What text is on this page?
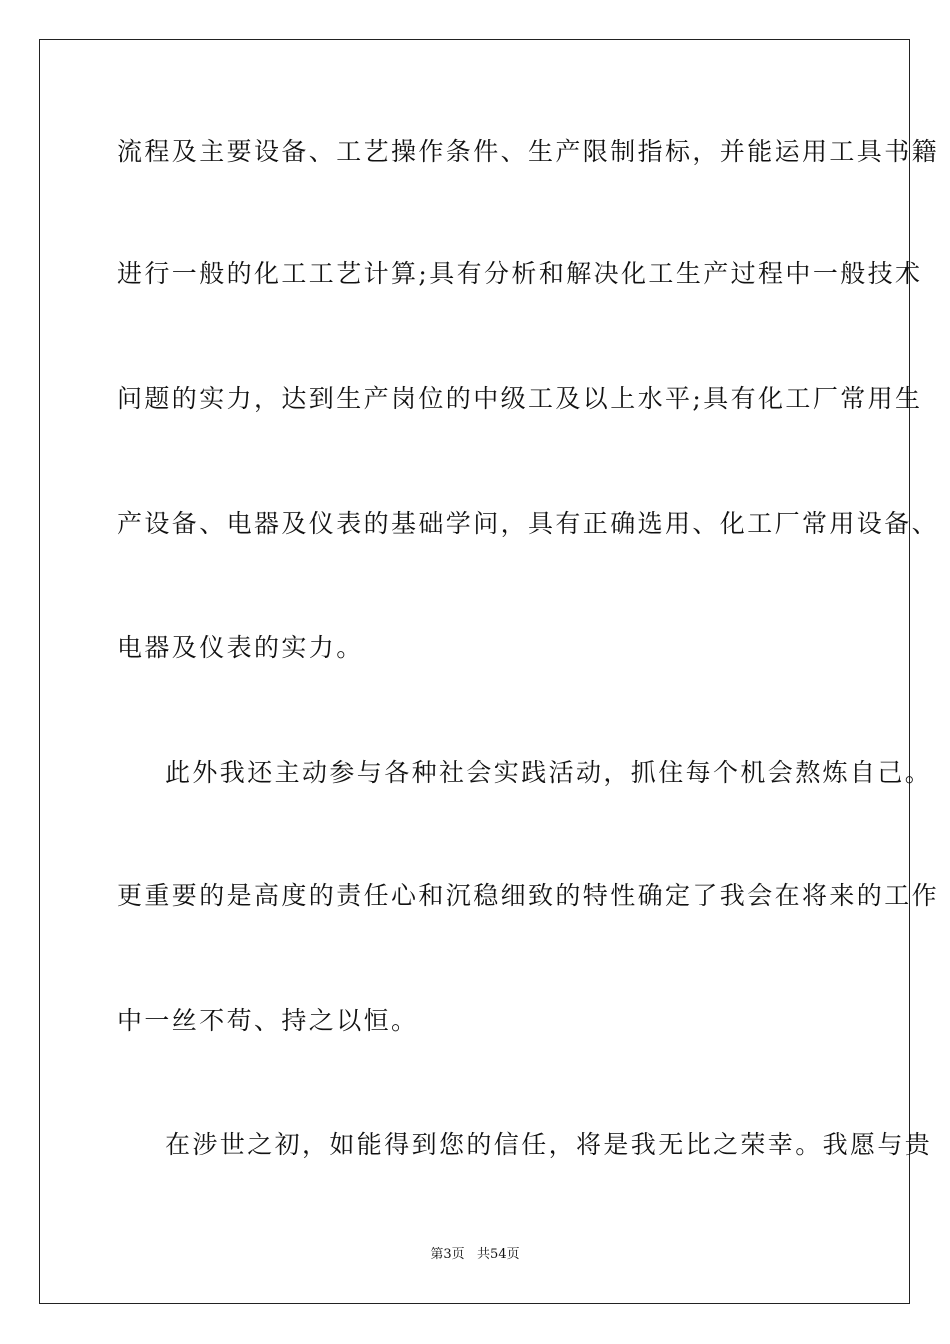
流程及主要设备、工艺操作条件、生产限制指标，并能运用工具书籍
进行一般的化工工艺计算;具有分析和解决化工生产过程中一般技术
问题的实力，达到生产岗位的中级工及以上水平;具有化工厂常用生
产设备、电器及仪表的基础学问，具有正确选用、化工厂常用设备、
电器及仪表的实力。
此外我还主动参与各种社会实践活动，抓住每个机会熬炼自己。
更重要的是高度的责任心和沉稳细致的特性确定了我会在将来的工作
中一丝不苟、持之以恒。
在涉世之初，如能得到您的信任，将是我无比之荣幸。我愿与贵
第3页   共54页
